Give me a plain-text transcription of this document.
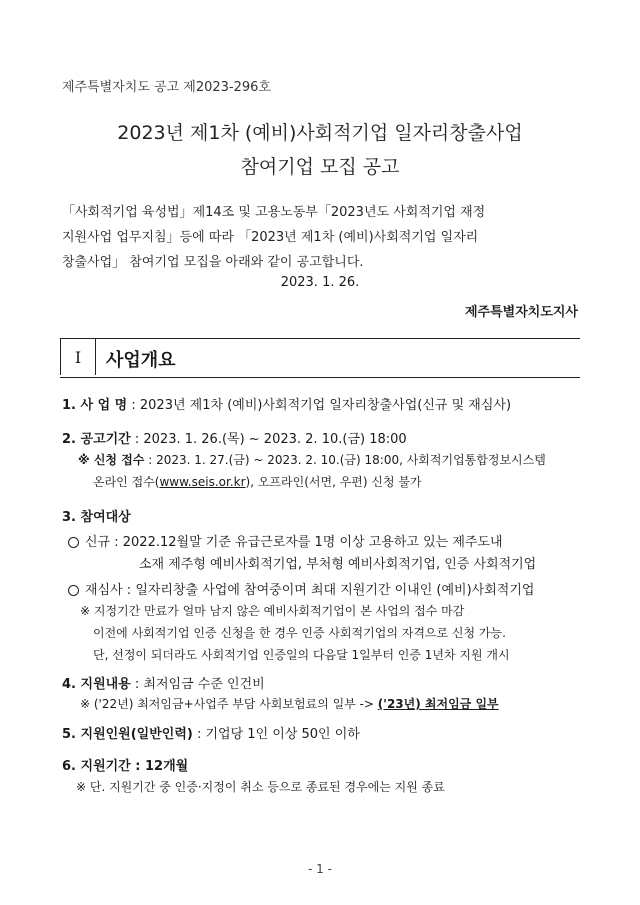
제주특별자치도 공고 제2023-296호
2023년 제1차 (예비)사회적기업 일자리창출사업
참여기업 모집 공고
「사회적기업 육성법」제14조 및 고용노동부「2023년도 사회적기업 재정
지원사업 업무지침」등에 따라 「2023년 제1차 (예비)사회적기업 일자리
창출사업」 참여기업 모집을 아래와 같이 공고합니다.
2023. 1. 26.
제주특별자치도지사
I	사업개요
1. 사 업 명 : 2023년 제1차 (예비)사회적기업 일자리창출사업(신규 및 재심사)
2. 공고기간 : 2023. 1. 26.(목) ~ 2023. 2. 10.(금) 18:00
※ 신청 접수 : 2023. 1. 27.(금) ~ 2023. 2. 10.(금) 18:00, 사회적기업통합정보시스템
온라인 접수(www.seis.or.kr), 오프라인(서면, 우편) 신청 불가
3. 참여대상
신규 : 2022.12월말 기준 유급근로자를 1명 이상 고용하고 있는 제주도내
소재 제주형 예비사회적기업, 부처형 예비사회적기업, 인증 사회적기업
재심사 : 일자리창출 사업에 참여중이며 최대 지원기간 이내인 (예비)사회적기업
※ 지정기간 만료가 얼마 남지 않은 예비사회적기업이 본 사업의 접수 마감
이전에 사회적기업 인증 신청을 한 경우 인증 사회적기업의 자격으로 신청 가능.
단, 선정이 되더라도 사회적기업 인증일의 다음달 1일부터 인증 1년차 지원 개시
4. 지원내용 : 최저임금 수준 인건비
※ ('22년) 최저임금+사업주 부담 사회보험료의 일부 -> ('23년) 최저임금 일부
5. 지원인원(일반인력) : 기업당 1인 이상 50인 이하
6. 지원기간 : 12개월
※ 단. 지원기간 중 인증·지정이 취소 등으로 종료된 경우에는 지원 종료
- 1 -
